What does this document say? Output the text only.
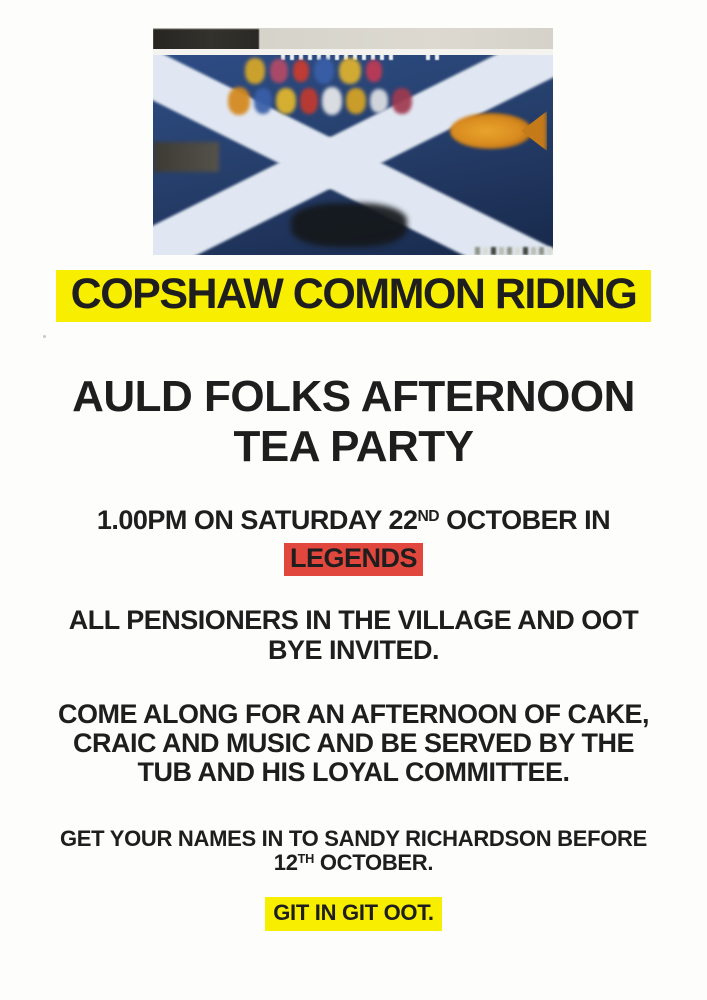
COPSHAW COMMON RIDING
AULD FOLKS AFTERNOON
TEA PARTY
1.00PM ON SATURDAY 22ND OCTOBER IN
LEGENDS
ALL PENSIONERS IN THE VILLAGE AND OOT
BYE INVITED.
COME ALONG FOR AN AFTERNOON OF CAKE,
CRAIC AND MUSIC AND BE SERVED BY THE
TUB AND HIS LOYAL COMMITTEE.
GET YOUR NAMES IN TO SANDY RICHARDSON BEFORE
12TH OCTOBER.
GIT IN GIT OOT.
